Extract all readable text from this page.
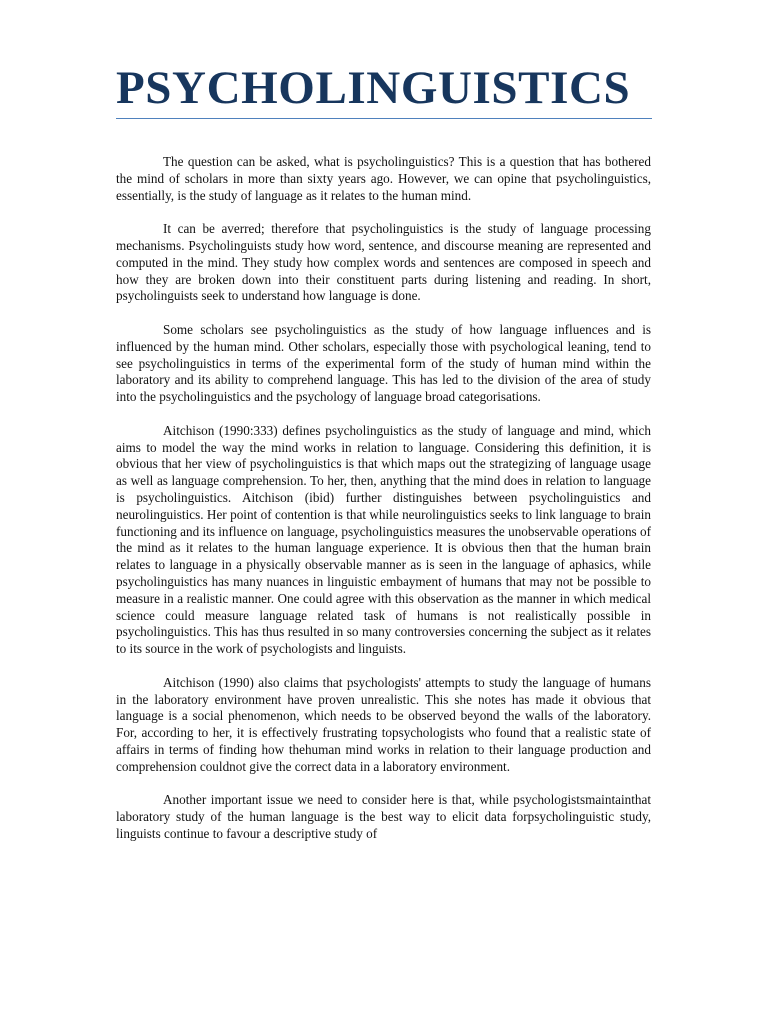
PSYCHOLINGUISTICS

The question can be asked, what is psycholinguistics? This is a question that has bothered the mind of scholars in more than sixty years ago. However, we can opine that psycholinguistics, essentially, is the study of language as it relates to the human mind.

It can be averred; therefore that psycholinguistics is the study of language processing mechanisms. Psycholinguists study how word, sentence, and discourse meaning are represented and computed in the mind. They study how complex words and sentences are composed in speech and how they are broken down into their constituent parts during listening and reading. In short, psycholinguists seek to understand how language is done.

Some scholars see psycholinguistics as the study of how language influences and is influenced by the human mind. Other scholars, especially those with psychological leaning, tend to see psycholinguistics in terms of the experimental form of the study of human mind within the laboratory and its ability to comprehend language. This has led to the division of the area of study into the psycholinguistics and the psychology of language broad categorisations.

Aitchison (1990:333) defines psycholinguistics as the study of language and mind, which aims to model the way the mind works in relation to language. Considering this definition, it is obvious that her view of psycholinguistics is that which maps out the strategizing of language usage as well as language comprehension. To her, then, anything that the mind does in relation to language is psycholinguistics. Aitchison (ibid) further distinguishes between psycholinguistics and neurolinguistics. Her point of contention is that while neurolinguistics seeks to link language to brain functioning and its influence on language, psycholinguistics measures the unobservable operations of the mind as it relates to the human language experience. It is obvious then that the human brain relates to language in a physically observable manner as is seen in the language of aphasics, while psycholinguistics has many nuances in linguistic embayment of humans that may not be possible to measure in a realistic manner. One could agree with this observation as the manner in which medical science could measure language related task of humans is not realistically possible in psycholinguistics. This has thus resulted in so many controversies concerning the subject as it relates to its source in the work of psychologists and linguists.

Aitchison (1990) also claims that psychologists' attempts to study the language of humans in the laboratory environment have proven unrealistic. This she notes has made it obvious that language is a social phenomenon, which needs to be observed beyond the walls of the laboratory. For, according to her, it is effectively frustrating topsychologists who found that a realistic state of affairs in terms of finding how thehuman mind works in relation to their language production and comprehension couldnot give the correct data in a laboratory environment.

Another important issue we need to consider here is that, while psychologistsmaintainthat laboratory study of the human language is the best way to elicit data forpsycholinguistic study, linguists continue to favour a descriptive study of
